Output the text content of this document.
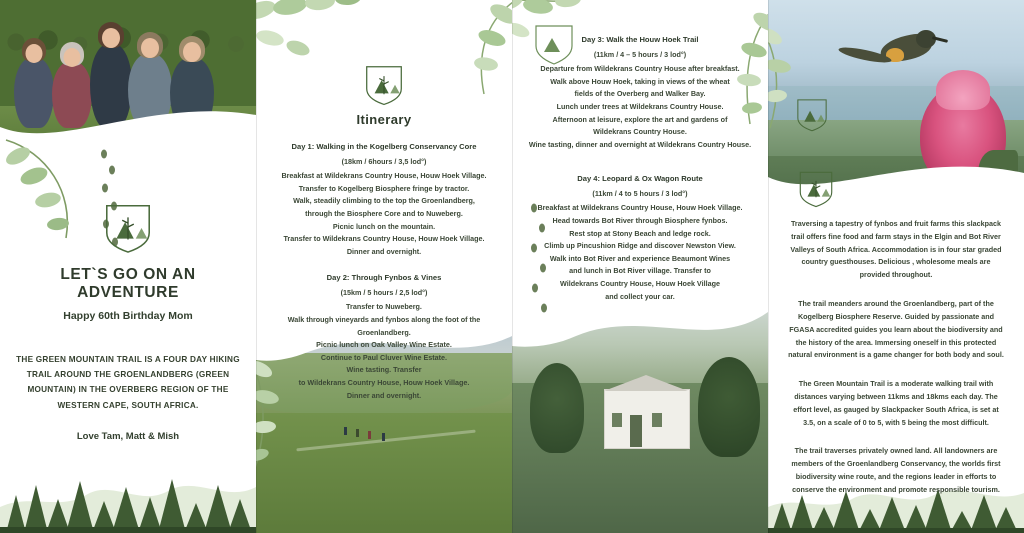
LET`S GO ON AN ADVENTURE
Happy 60th Birthday Mom
THE GREEN MOUNTAIN TRAIL IS A FOUR DAY HIKING TRAIL AROUND THE GROENLANDBERG (GREEN MOUNTAIN) IN THE OVERBERG REGION OF THE WESTERN CAPE, SOUTH AFRICA.
Love Tam, Matt & Mish
Itinerary
Day 1: Walking in the Kogelberg Conservancy Core
(18km / 6hours / 3,5 lod°)

Breakfast at Wildekrans Country House, Houw Hoek Village.

Transfer to Kogelberg Biosphere fringe by tractor.

Walk, steadily climbing to the top the Groenlandberg,

through the Biosphere Core and to Nuweberg.

Picnic lunch on the mountain.

Transfer to Wildekrans Country House, Houw Hoek Village.

Dinner and overnight.

Day 2: Through Fynbos & Vines
(15km / 5 hours / 2,5 lod°)

Transfer to Nuweberg.

Walk through vineyards and fynbos along the foot of the

Groenlandberg.

Picnic lunch on Oak Valley Wine Estate.

Continue to Paul Cluver Wine Estate.

Wine tasting. Transfer

to Wildekrans Country House, Houw Hoek Village.

Dinner and overnight.

Day 3: Walk the Houw Hoek Trail
(11km / 4 – 5 hours / 3 lod°)

Departure from Wildekrans Country House after breakfast.

Walk above Houw Hoek, taking in views of the wheat

fields of the Overberg and Walker Bay.

Lunch under trees at Wildekrans Country House.

Afternoon at leisure, explore the art and gardens of

Wildekrans Country House.

Wine tasting, dinner and overnight at Wildekrans Country House.

Day 4: Leopard & Ox Wagon Route
(11km / 4 to 5 hours / 3 lod°)

Breakfast at Wildekrans Country House, Houw Hoek Village.

Head towards Bot River through Biosphere fynbos.

Rest stop at Stony Beach and ledge rock.

Climb up Pincushion Ridge and discover Newston View.

Walk into Bot River and experience Beaumont Wines

and lunch in Bot River village. Transfer to

Wildekrans Country House, Houw Hoek Village

and collect your car.

Traversing a tapestry of fynbos and fruit farms this slackpack trail offers fine food and farm stays in the Elgin and Bot River Valleys of South Africa. Accommodation is in four star graded country guesthouses. Delicious , wholesome meals are provided throughout.

The trail meanders around the Groenlandberg, part of the Kogelberg Biosphere Reserve. Guided by passionate and FGASA accredited guides you learn about the biodiversity and the history of the area. Immersing oneself in this protected natural environment is a game changer for both body and soul.

The Green Mountain Trail is a moderate walking trail with distances varying between 11kms and 18kms each day. The effort level, as gauged by Slackpacker South Africa, is set at 3.5, on a scale of 0 to 5, with 5 being the most difficult.

The trail traverses privately owned land. All landowners are members of the Groenlandberg Conservancy, the worlds first biodiversity wine route, and the regions leader in efforts to conserve the environment and promote responsible tourism.
